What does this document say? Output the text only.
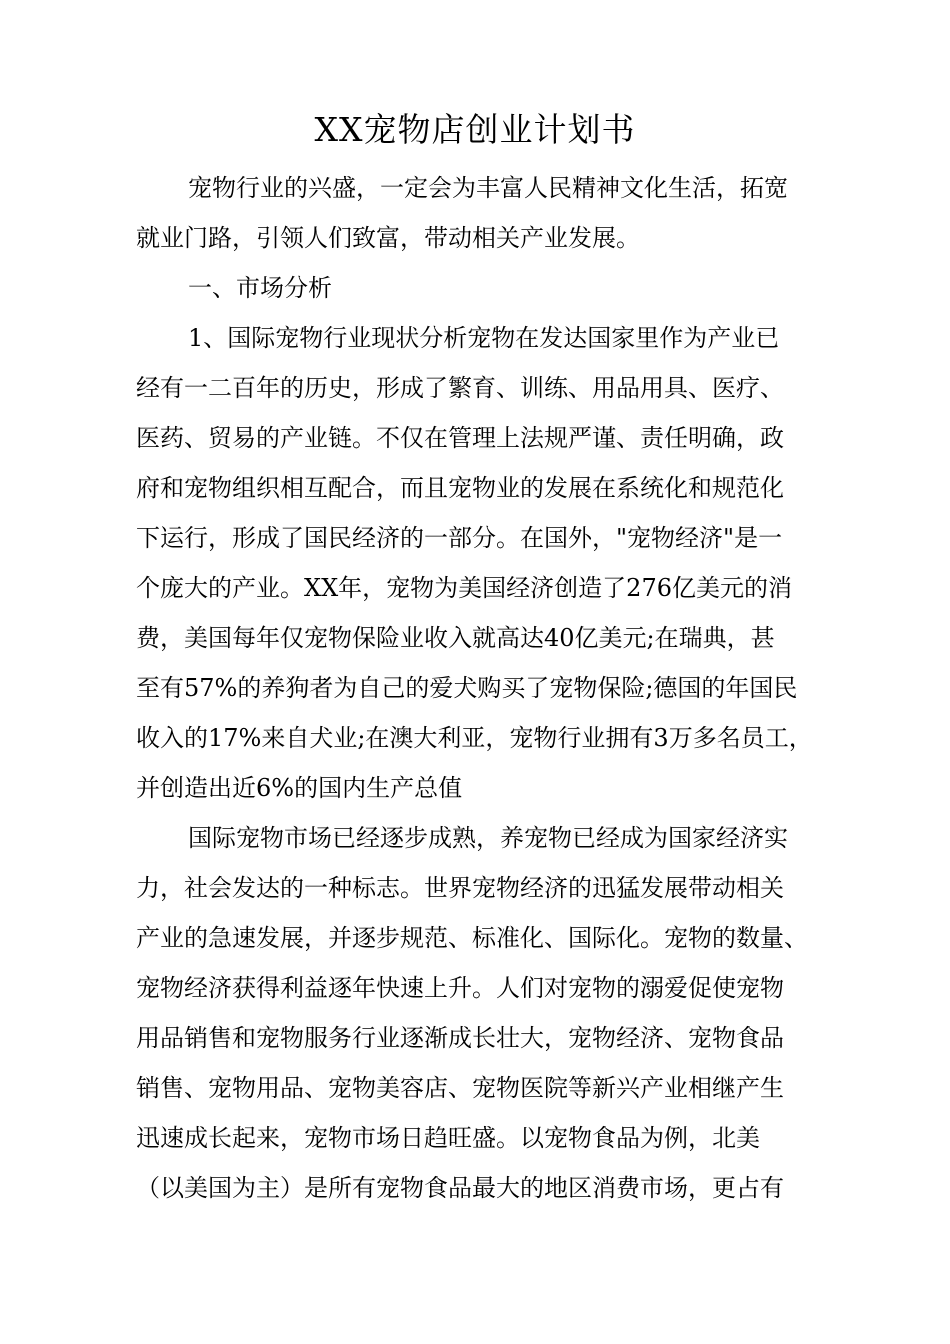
XX宠物店创业计划书
宠物行业的兴盛，一定会为丰富人民精神文化生活，拓宽
就业门路，引领人们致富，带动相关产业发展。
一、市场分析
1、国际宠物行业现状分析宠物在发达国家里作为产业已
经有一二百年的历史，形成了繁育、训练、用品用具、医疗、
医药、贸易的产业链。不仅在管理上法规严谨、责任明确，政
府和宠物组织相互配合，而且宠物业的发展在系统化和规范化
下运行，形成了国民经济的一部分。在国外，"宠物经济"是一
个庞大的产业。XX年，宠物为美国经济创造了276亿美元的消
费，美国每年仅宠物保险业收入就高达40亿美元;在瑞典，甚
至有57%的养狗者为自己的爱犬购买了宠物保险;德国的年国民
收入的17%来自犬业;在澳大利亚，宠物行业拥有3万多名员工，
并创造出近6%的国内生产总值
国际宠物市场已经逐步成熟，养宠物已经成为国家经济实
力，社会发达的一种标志。世界宠物经济的迅猛发展带动相关
产业的急速发展，并逐步规范、标准化、国际化。宠物的数量、
宠物经济获得利益逐年快速上升。人们对宠物的溺爱促使宠物
用品销售和宠物服务行业逐渐成长壮大，宠物经济、宠物食品
销售、宠物用品、宠物美容店、宠物医院等新兴产业相继产生
迅速成长起来，宠物市场日趋旺盛。以宠物食品为例，北美
（以美国为主）是所有宠物食品最大的地区消费市场，更占有
